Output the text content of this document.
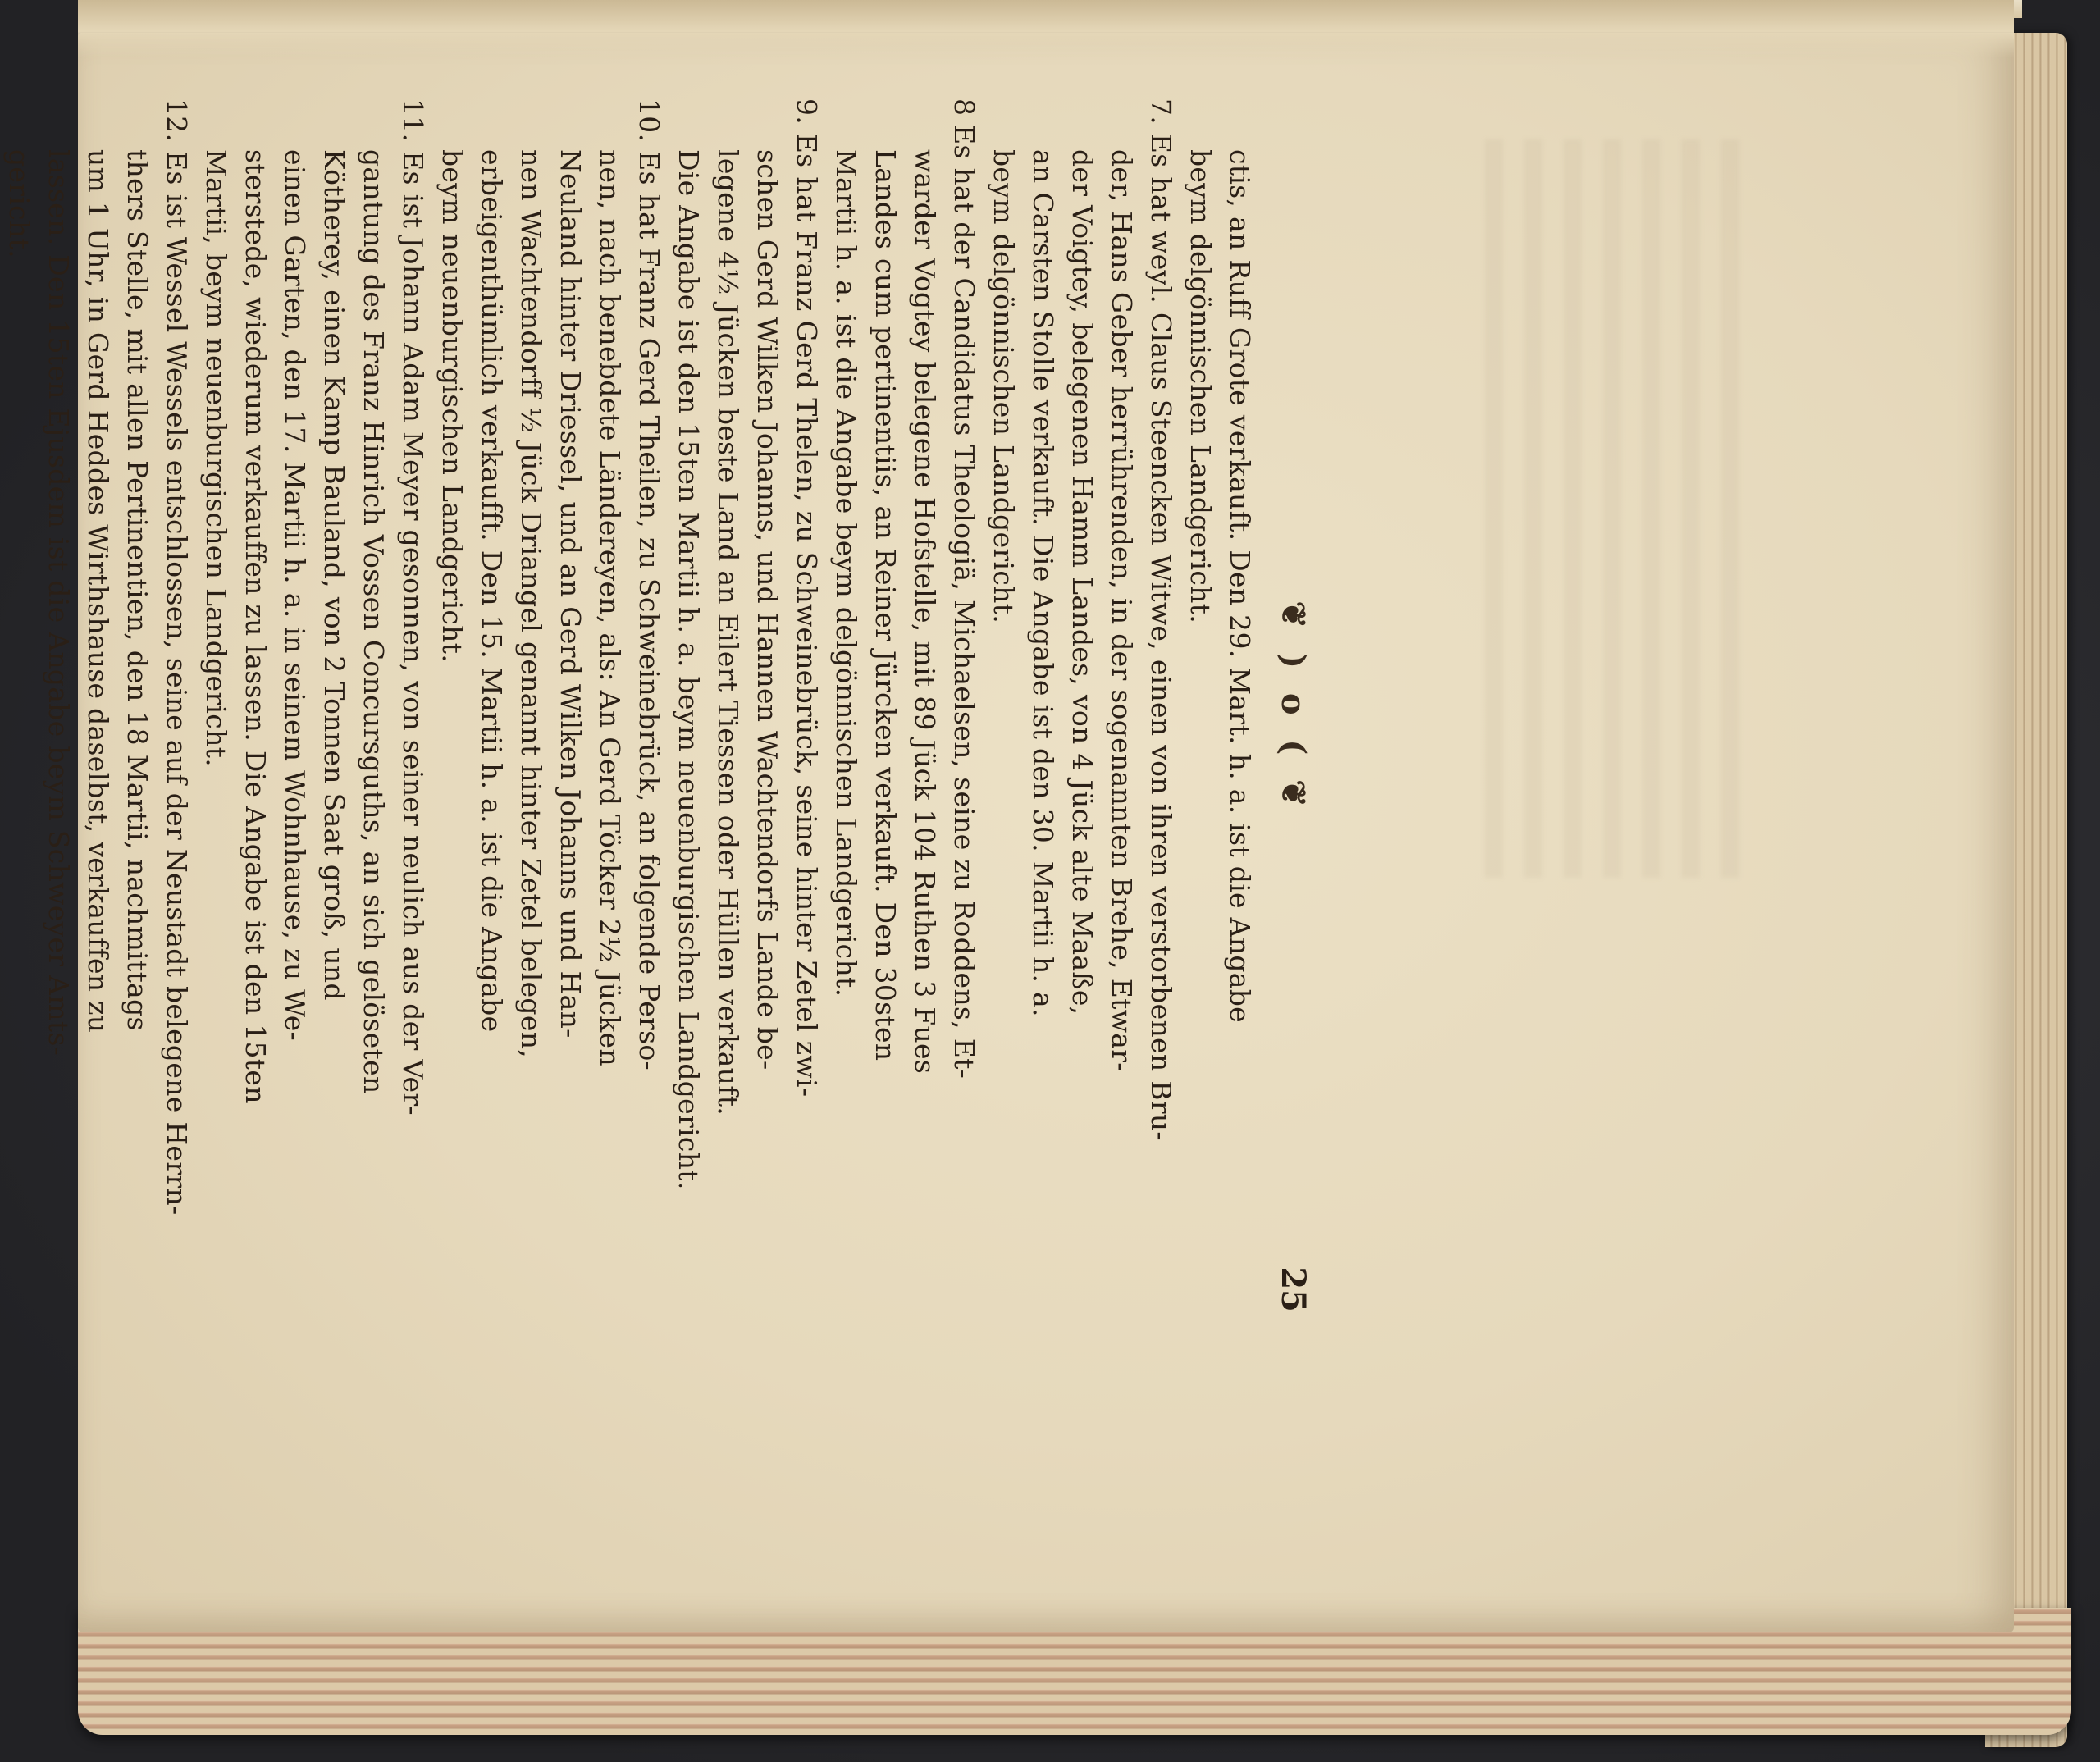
❦ ) o ( ❦
25
ctis, an Ruff Grote verkauft. Den 29. Mart. h. a. ist die Angabe
beym delgönnischen Landgericht.
7. Es hat weyl. Claus Steencken Witwe, einen von ihren verstorbenen Bru-
der, Hans Geber herrührenden, in der sogenannten Brehe, Etwar-
der Voigtey, belegenen Hamm Landes, von 4 Jück alte Maaße,
an Carsten Stolle verkauft. Die Angabe ist den 30. Martii h. a.
beym delgönnischen Landgericht.
8 Es hat der Candidatus Theologiä, Michaelsen, seine zu Roddens, Et-
warder Vogtey belegene Hofstelle, mit 89 Jück 104 Ruthen 3 Fues
Landes cum pertinentiis, an Reiner Jürcken verkauft. Den 30sten
Martii h. a. ist die Angabe beym delgönnischen Landgericht.
9. Es hat Franz Gerd Thelen, zu Schweinebrück, seine hinter Zetel zwi-
schen Gerd Wilken Johanns, und Hannen Wachtendorfs Lande be-
legene 4½ Jücken beste Land an Eilert Tiessen oder Hüllen verkauft.
Die Angabe ist den 15ten Martii h. a. beym neuenburgischen Landgericht.
10. Es hat Franz Gerd Theilen, zu Schweinebrück, an folgende Perso-
nen, nach benebdete Ländereyen, als: An Gerd Töcker 2½ Jücken
Neuland hinter Driessel, und an Gerd Wilken Johanns und Han-
nen Wachtendorff ½ Jück Driangel genannt hinter Zetel belegen,
erbeigenthümlich verkaufft. Den 15. Martii h. a. ist die Angabe
beym neuenburgischen Landgericht.
11. Es ist Johann Adam Meyer gesonnen, von seiner neulich aus der Ver-
gantung des Franz Hinrich Vossen Concursguths, an sich gelöseten
Kötherey, einen Kamp Bauland, von 2 Tonnen Saat groß, und
einen Garten, den 17. Martii h. a. in seinem Wohnhause, zu We-
sterstede, wiederum verkauffen zu lassen. Die Angabe ist den 15ten
Martii, beym neuenburgischen Landgericht.
12. Es ist Wessel Wessels entschlossen, seine auf der Neustadt belegene Herrn-
thers Stelle, mit allen Pertinentien, den 18 Martii, nachmittags
um 1 Uhr, in Gerd Heddes Wirthshause daselbst, verkauffen zu
lassen. Den 15ten Ejusdem ist die Angabe beym Schweyer Amts-
gericht.
